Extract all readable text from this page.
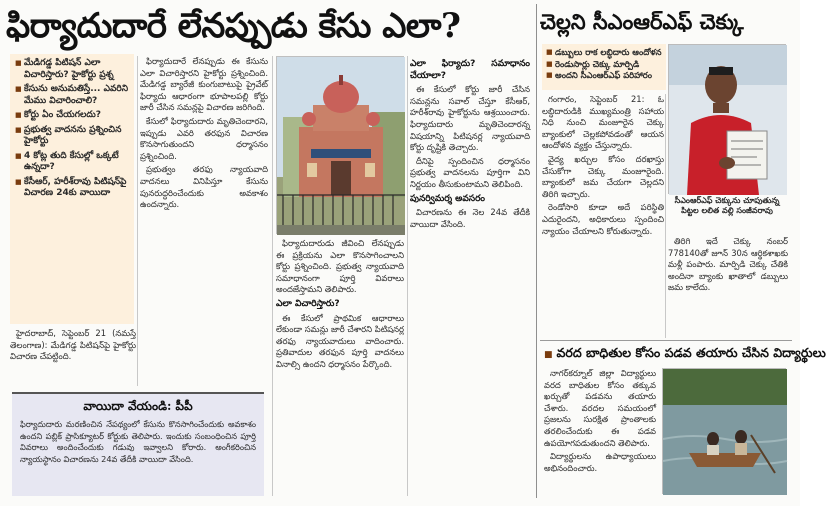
ఫిర్యాదుదారే లేనప్పుడు కేసు ఎలా?
■ మేడిగడ్డ పిటిషన్ ఎలా విచారిస్తారు? హైకోర్టు ప్రశ్న
■ కేసును అనుమతిస్తే... ఎవరిని మేము విచారించాలి?
■ కోర్టు ఏం చేయగలదు?
■ ప్రభుత్వ వాదనను ప్రశ్నించిన హైకోర్టు
■ 4 కోట్ల తుది కేసుల్లో ఒక్కటే ఉన్నదా?
■ కేసీఆర్, హరీశ్‌రావు పిటిషన్‌పై విచారణ 24కు వాయిదా

హైదరాబాద్, సెప్టెంబర్ 21 (నమస్తే తెలంగాణ): మేడిగడ్డ పిటిషన్‌పై హైకోర్టు విచారణ చేపట్టింది.

ఫిర్యాదుదారే లేనప్పుడు ఈ కేసును ఎలా విచారిస్తారని హైకోర్టు ప్రశ్నించింది. మేడిగడ్డ బ్యారేజీ కుంగుబాటుపై ప్రైవేట్ ఫిర్యాదు ఆధారంగా భూపాలపల్లి కోర్టు జారీ చేసిన సమన్లపై విచారణ జరిగింది.

కేసులో ఫిర్యాదుదారు మృతిచెందారని, ఇప్పుడు ఎవరి తరఫున విచారణ కొనసాగుతుందని ధర్మాసనం ప్రశ్నించింది.

ప్రభుత్వం తరఫు న్యాయవాది వాదనలు వినిపిస్తూ కేసును పునరుద్ధరించేందుకు అవకాశం ఉందన్నారు.

ఫిర్యాదుదారుడు జీవించి లేనప్పుడు ఈ ప్రక్రియను ఎలా కొనసాగించాలని కోర్టు ప్రశ్నించింది. ప్రభుత్వ న్యాయవాది సమాధానంగా పూర్తి వివరాలు అందజేస్తామని తెలిపారు.

ఎలా విచారిస్తారు?

ఈ కేసులో ప్రాథమిక ఆధారాలు లేకుండా సమన్లు జారీ చేశారని పిటిషనర్ల తరఫు న్యాయవాదులు వాదించారు. ప్రతివాదుల తరఫున పూర్తి వాదనలు వినాల్సి ఉందని ధర్మాసనం పేర్కొంది.

ఎలా ఫిర్యాదు? సమాధానం చేయాలా?

ఈ కేసులో కోర్టు జారీ చేసిన సమన్లను సవాల్ చేస్తూ కేసీఆర్, హరీశ్‌రావు హైకోర్టును ఆశ్రయించారు. ఫిర్యాదుదారు మృతిచెందారన్న విషయాన్ని పిటిషనర్ల న్యాయవాది కోర్టు దృష్టికి తెచ్చారు.

దీనిపై స్పందించిన ధర్మాసనం ప్రభుత్వ వాదనలను పూర్తిగా విని నిర్ణయం తీసుకుంటామని తెలిపింది.

పునర్విమర్శ అవసరం

విచారణను ఈ నెల 24వ తేదీకి వాయిదా వేసింది.

వాయిదా వేయండి: పీపీ
ఫిర్యాదుదారు మరణించిన నేపథ్యంలో కేసును కొనసాగించేందుకు అవకాశం ఉందని పబ్లిక్ ప్రాసిక్యూటర్ కోర్టుకు తెలిపారు. ఇందుకు సంబంధించిన పూర్తి వివరాలు అందించేందుకు గడువు ఇవ్వాలని కోరారు. అంగీకరించిన న్యాయస్థానం విచారణను 24వ తేదీకి వాయిదా వేసింది.
చెల్లని సీఎంఆర్‌ఎఫ్ చెక్కు
■ డబ్బులు రాక లబ్ధిదారు ఆందోళన
■ రెండుసార్లు చెక్కు మార్పిడి
■ అందని సీఎంఆర్‌ఎఫ్ పరిహారం

గంగారం, సెప్టెంబర్ 21: ఓ లబ్ధిదారుడికి ముఖ్యమంత్రి సహాయ నిధి నుంచి మంజూరైన చెక్కు బ్యాంకులో చెల్లకపోవడంతో ఆయన ఆందోళన వ్యక్తం చేస్తున్నారు.

వైద్య ఖర్చుల కోసం దరఖాస్తు చేసుకోగా చెక్కు మంజూరైంది. బ్యాంకులో జమ చేయగా చెల్లదని తిరిగి ఇచ్చారు.

రెండోసారి కూడా అదే పరిస్థితి ఎదురైందని, అధికారులు స్పందించి న్యాయం చేయాలని కోరుతున్నారు.

సీఎంఆర్‌ఎఫ్ చెక్కును చూపుతున్న పిట్టల లలిత వల్లి సంజీవరావు

తిరిగి ఇదే చెక్కు నంబర్ 778140తో జూన్ 30న ఆర్థికశాఖకు మళ్లీ పంపారు. మార్పిడి చెక్కు చేతికి అందినా బ్యాంకు ఖాతాలో డబ్బులు జమ కాలేదు.

■ వరద బాధితుల కోసం పడవ తయారు చేసిన విద్యార్థులు

నాగర్‌కర్నూల్ జిల్లా విద్యార్థులు వరద బాధితుల కోసం తక్కువ ఖర్చుతో పడవను తయారు చేశారు. వరదల సమయంలో ప్రజలను సురక్షిత ప్రాంతాలకు తరలించేందుకు ఈ పడవ ఉపయోగపడుతుందని తెలిపారు.

విద్యార్థులను ఉపాధ్యాయులు అభినందించారు.
